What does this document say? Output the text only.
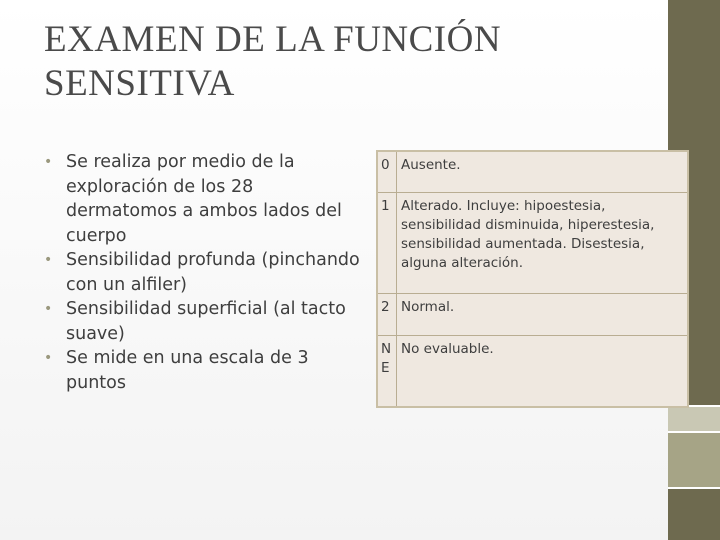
EXAMEN DE LA FUNCIÓN
SENSITIVA
• Se realiza por medio de la exploración de los 28 dermatomos a ambos lados del cuerpo
• Sensibilidad profunda (pinchando con un alfiler)
• Sensibilidad superficial (al tacto suave)
• Se mide en una escala de 3 puntos
0	Ausente.

1	Alterado. Incluye: hipoestesia, sensibilidad disminuida, hiperestesia, sensibilidad aumentada. Disestesia, alguna alteración.

2	Normal.

NE	No evaluable.
